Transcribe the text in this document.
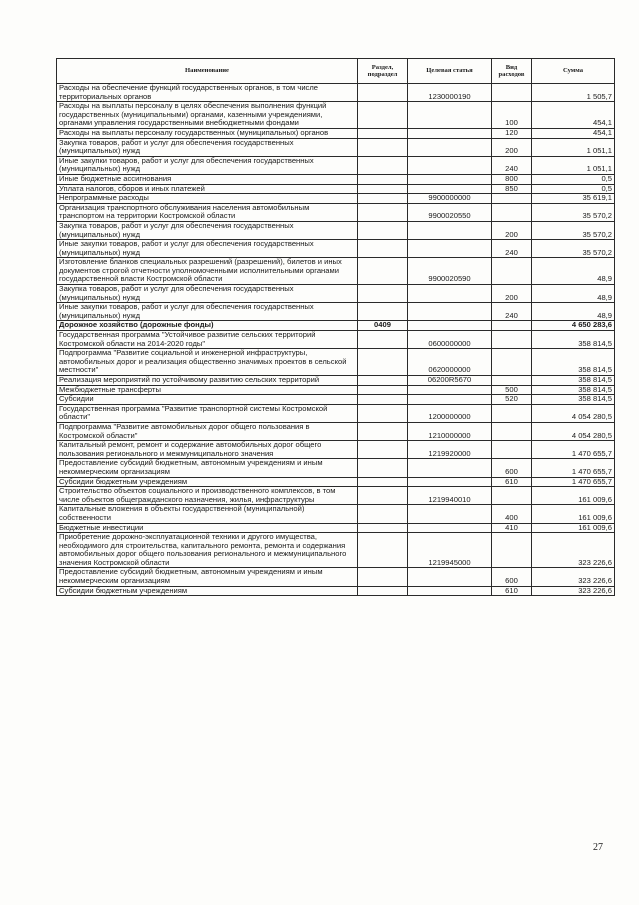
Наименование	Раздел, подраздел	Целевая статья	Вид расходов	Сумма
Расходы на обеспечение функций государственных органов, в том числе территориальных органов		1230000190		1 505,7
Расходы на выплаты персоналу в целях обеспечения выполнения функций государственных (муниципальными) органами, казенными учреждениями, органами управления государственными внебюджетными фондами			100	454,1
Расходы на выплаты персоналу государственных (муниципальных) органов			120	454,1
Закупка товаров, работ и услуг для обеспечения государственных (муниципальных) нужд			200	1 051,1
Иные закупки товаров, работ и услуг для обеспечения государственных (муниципальных) нужд			240	1 051,1
Иные бюджетные ассигнования			800	0,5
Уплата налогов, сборов и иных платежей			850	0,5
Непрограммные расходы		9900000000		35 619,1
Организация транспортного обслуживания населения автомобильным транспортом на территории Костромской области		9900020550		35 570,2
Закупка товаров, работ и услуг для обеспечения государственных (муниципальных) нужд			200	35 570,2
Иные закупки товаров, работ и услуг для обеспечения государственных (муниципальных) нужд			240	35 570,2
Изготовление бланков специальных разрешений (разрешений), билетов и иных документов строгой отчетности уполномоченными исполнительными органами государственной власти Костромской области		9900020590		48,9
Закупка товаров, работ и услуг для обеспечения государственных (муниципальных) нужд			200	48,9
Иные закупки товаров, работ и услуг для обеспечения государственных (муниципальных) нужд			240	48,9
Дорожное хозяйство (дорожные фонды)	0409			4 650 283,6
Государственная программа "Устойчивое развитие сельских территорий Костромской области на 2014-2020 годы"		0600000000		358 814,5
Подпрограмма "Развитие социальной и инженерной инфраструктуры, автомобильных дорог и реализация общественно значимых проектов в сельской местности"		0620000000		358 814,5
Реализация мероприятий по устойчивому развитию сельских территорий		06200R5670		358 814,5
Межбюджетные трансферты			500	358 814,5
Субсидии			520	358 814,5
Государственная программа "Развитие транспортной системы Костромской области"		1200000000		4 054 280,5
Подпрограмма "Развитие автомобильных дорог общего пользования в Костромской области"		1210000000		4 054 280,5
Капитальный ремонт, ремонт и содержание автомобильных дорог общего пользования регионального и межмуниципального значения		1219920000		1 470 655,7
Предоставление субсидий бюджетным, автономным учреждениям и иным некоммерческим организациям			600	1 470 655,7
Субсидии бюджетным учреждениям			610	1 470 655,7
Строительство объектов социального и производственного комплексов, в том числе объектов общегражданского назначения, жилья, инфраструктуры		1219940010		161 009,6
Капитальные вложения в объекты государственной (муниципальной) собственности			400	161 009,6
Бюджетные инвестиции			410	161 009,6
Приобретение дорожно-эксплуатационной техники и другого имущества, необходимого для строительства, капитального ремонта, ремонта и содержания автомобильных дорог общего пользования регионального и межмуниципального значения Костромской области		1219945000		323 226,6
Предоставление субсидий бюджетным, автономным учреждениям и иным некоммерческим организациям			600	323 226,6
Субсидии бюджетным учреждениям			610	323 226,6
27
